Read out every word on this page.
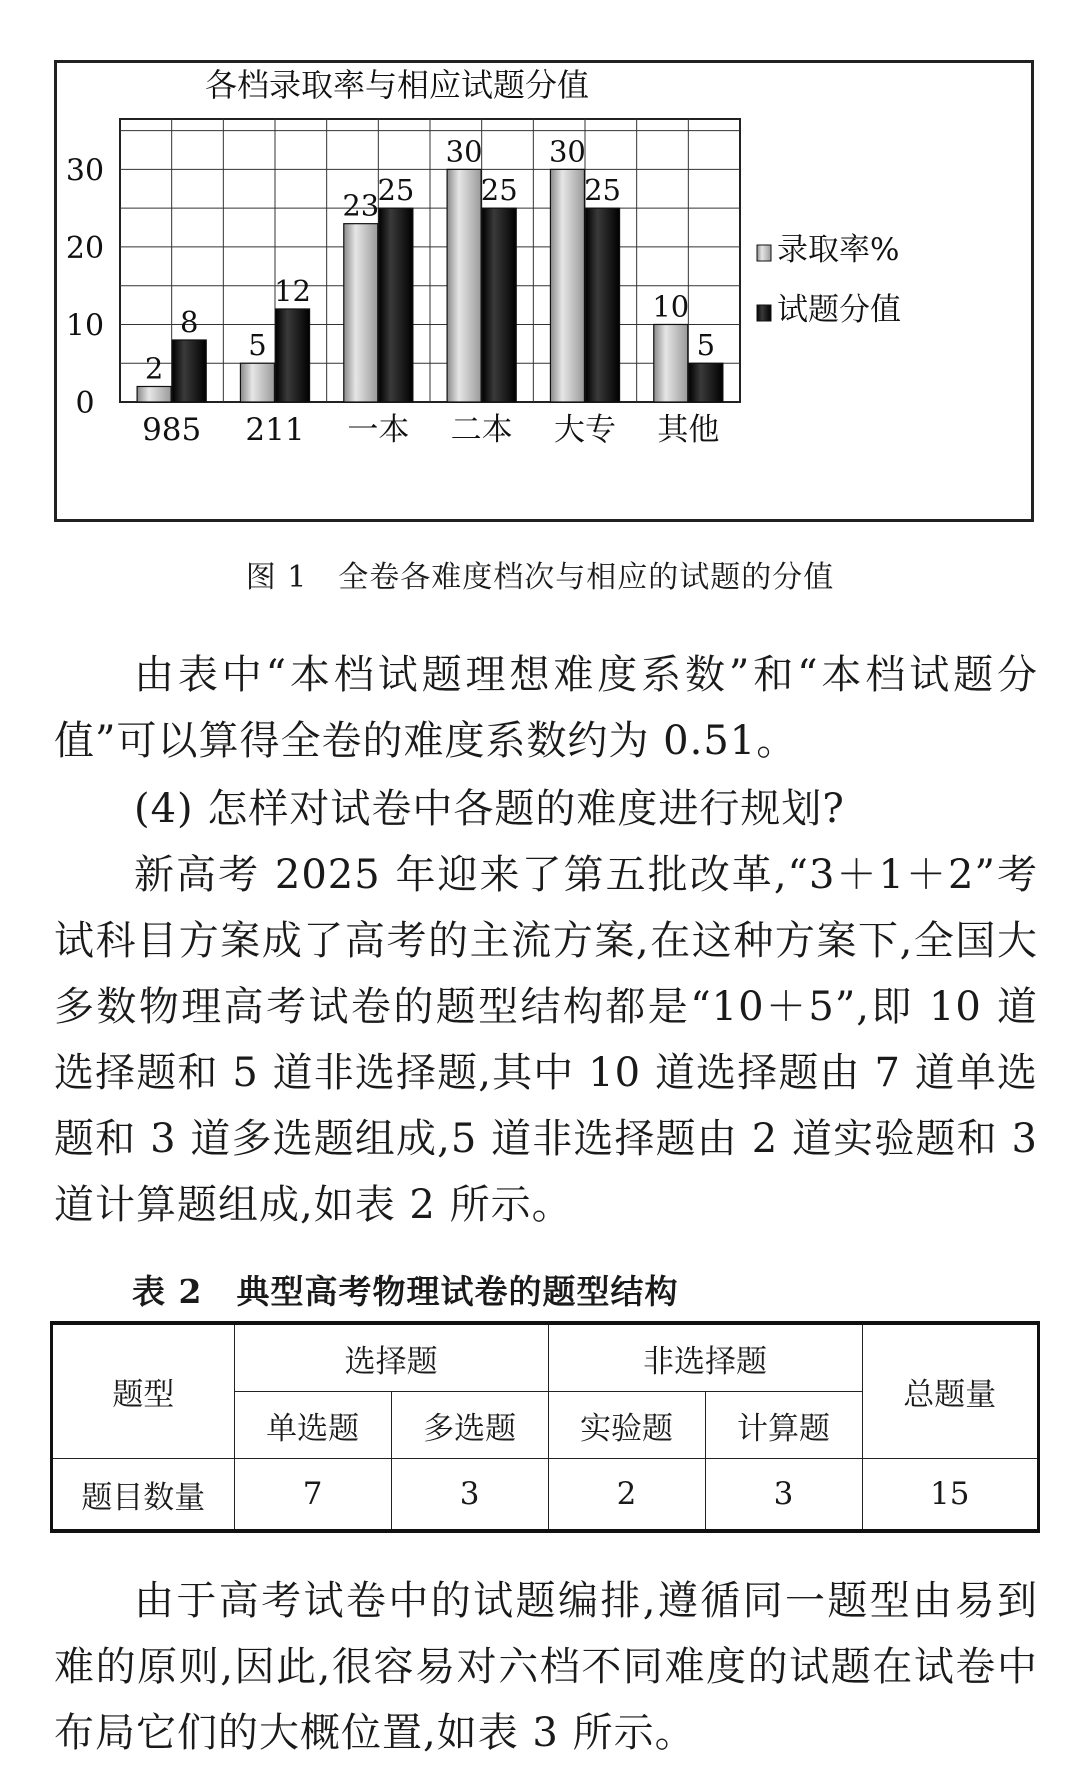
各档录取率与相应试题分值
0
10
20
30
2
8
985
5
12
211
23
25
一本
30
25
二本
30
25
大专
10
5
其他
录取率%
试题分值
图 1　全卷各难度档次与相应的试题的分值

由表中“本档试题理想难度系数”和“本档试题分值”可以算得全卷的难度系数约为 0.51。

(4) 怎样对试卷中各题的难度进行规划?

新高考 2025 年迎来了第五批改革,“3＋1＋2”考试科目方案成了高考的主流方案,在这种方案下,全国大多数物理高考试卷的题型结构都是“10＋5”,即 10 道选择题和 5 道非选择题,其中 10 道选择题由 7 道单选题和 3 道多选题组成,5 道非选择题由 2 道实验题和 3 道计算题组成,如表 2 所示。

表 2　典型高考物理试卷的题型结构
题型	选择题		非选择题		总题量
	单选题	多选题	实验题	计算题	
题目数量	7	3	2	3	15

由于高考试卷中的试题编排,遵循同一题型由易到难的原则,因此,很容易对六档不同难度的试题在试卷中布局它们的大概位置,如表 3 所示。
